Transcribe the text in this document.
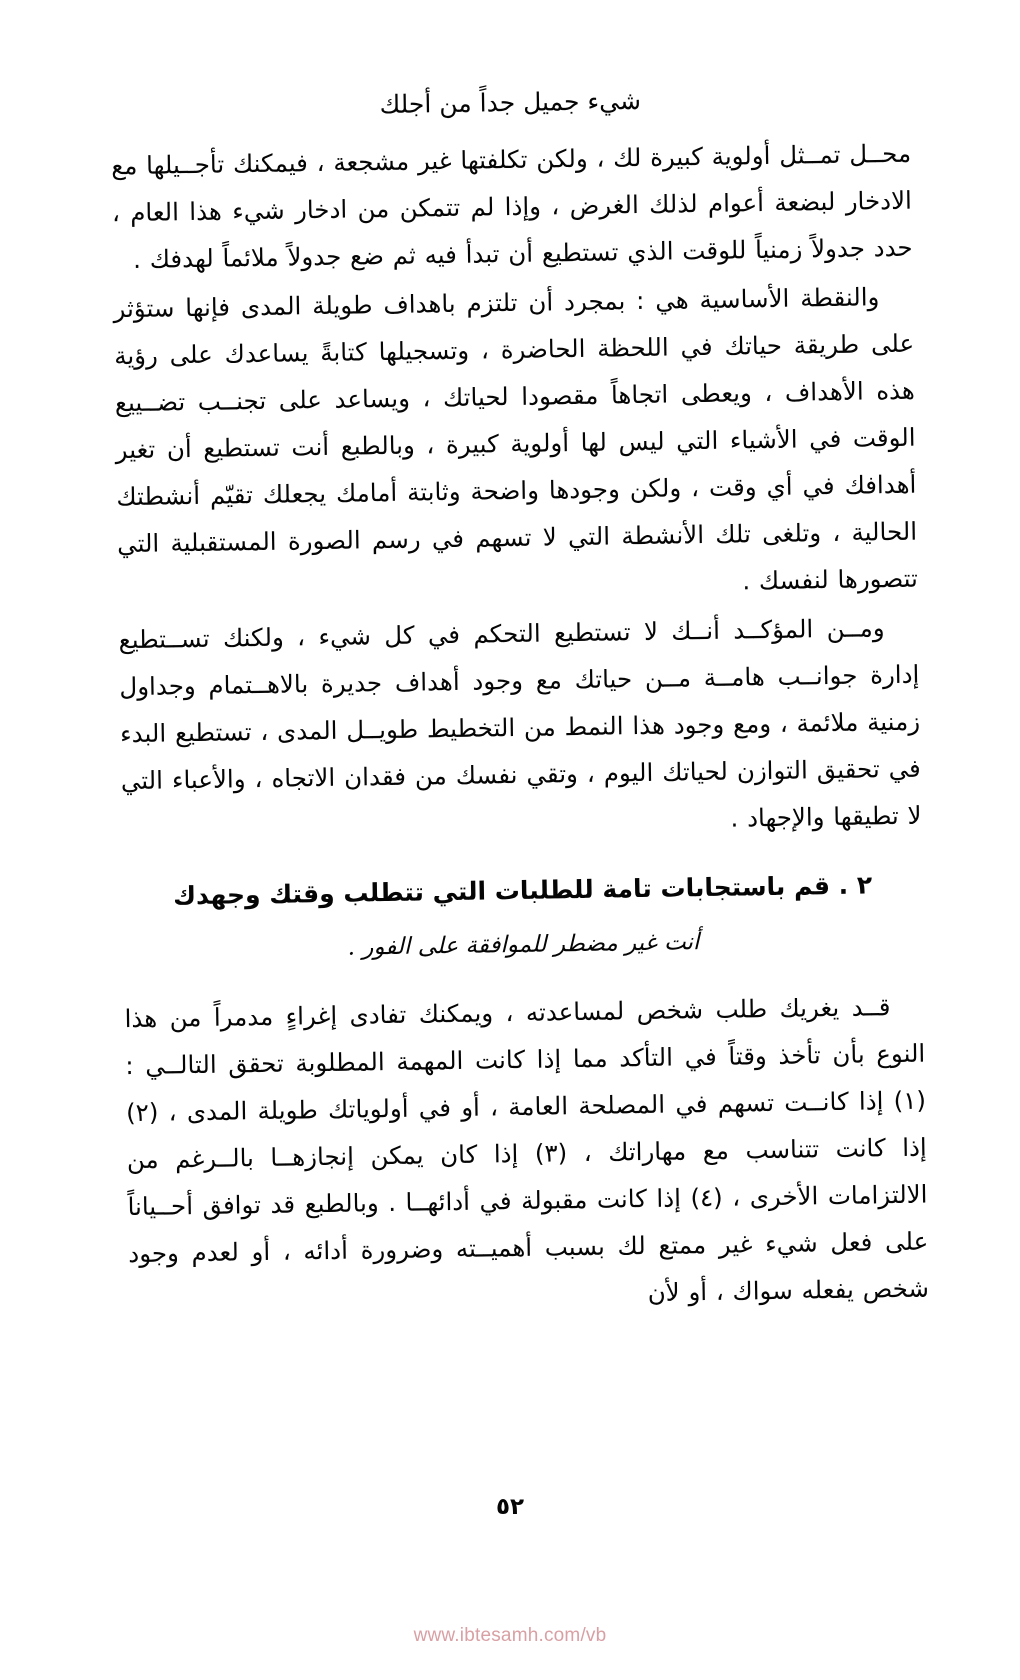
شيء جميل جداً من أجلك

محــل تمــثل أولوية كبيرة لك ، ولكن تكلفتها غير مشجعة ، فيمكنك تأجــيلها مع الادخار لبضعة أعوام لذلك الغرض ، وإذا لم تتمكن من ادخار شيء هذا العام ، حدد جدولاً زمنياً للوقت الذي تستطيع أن تبدأ فيه ثم ضع جدولاً ملائماً لهدفك .

والنقطة الأساسية هي : بمجرد أن تلتزم باهداف طويلة المدى فإنها ستؤثر على طريقة حياتك في اللحظة الحاضرة ، وتسجيلها كتابةً يساعدك على رؤية هذه الأهداف ، ويعطى اتجاهاً مقصودا لحياتك ، ويساعد على تجنــب تضــييع الوقت في الأشياء التي ليس لها أولوية كبيرة ، وبالطبع أنت تستطيع أن تغير أهدافك في أي وقت ، ولكن وجودها واضحة وثابتة أمامك يجعلك تقيّم أنشطتك الحالية ، وتلغى تلك الأنشطة التي لا تسهم في رسم الصورة المستقبلية التي تتصورها لنفسك .

ومــن المؤكــد أنــك لا تستطيع التحكم في كل شيء ، ولكنك تســتطيع إدارة جوانــب هامــة مــن حياتك مع وجود أهداف جديرة بالاهــتمام وجداول زمنية ملائمة ، ومع وجود هذا النمط من التخطيط طويــل المدى ، تستطيع البدء في تحقيق التوازن لحياتك اليوم ، وتقي نفسك من فقدان الاتجاه ، والأعباء التي لا تطيقها والإجهاد .

٢ . قم باستجابات تامة للطلبات التي تتطلب وقتك وجهدك
أنت غير مضطر للموافقة على الفور .

قــد يغريك طلب شخص لمساعدته ، ويمكنك تفادى إغراءٍ مدمراً من هذا النوع بأن تأخذ وقتاً في التأكد مما إذا كانت المهمة المطلوبة تحقق التالــي : (١) إذا كانــت تسهم في المصلحة العامة ، أو في أولوياتك طويلة المدى ، (٢) إذا كانت تتناسب مع مهاراتك ، (٣) إذا كان يمكن إنجازهــا بالــرغم من الالتزامات الأخرى ، (٤) إذا كانت مقبولة في أدائهــا . وبالطبع قد توافق أحــياناً على فعل شيء غير ممتع لك بسبب أهميــته وضرورة أدائه ، أو لعدم وجود شخص يفعله سواك ، أو لأن

٥٢
www.ibtesamh.com/vb
